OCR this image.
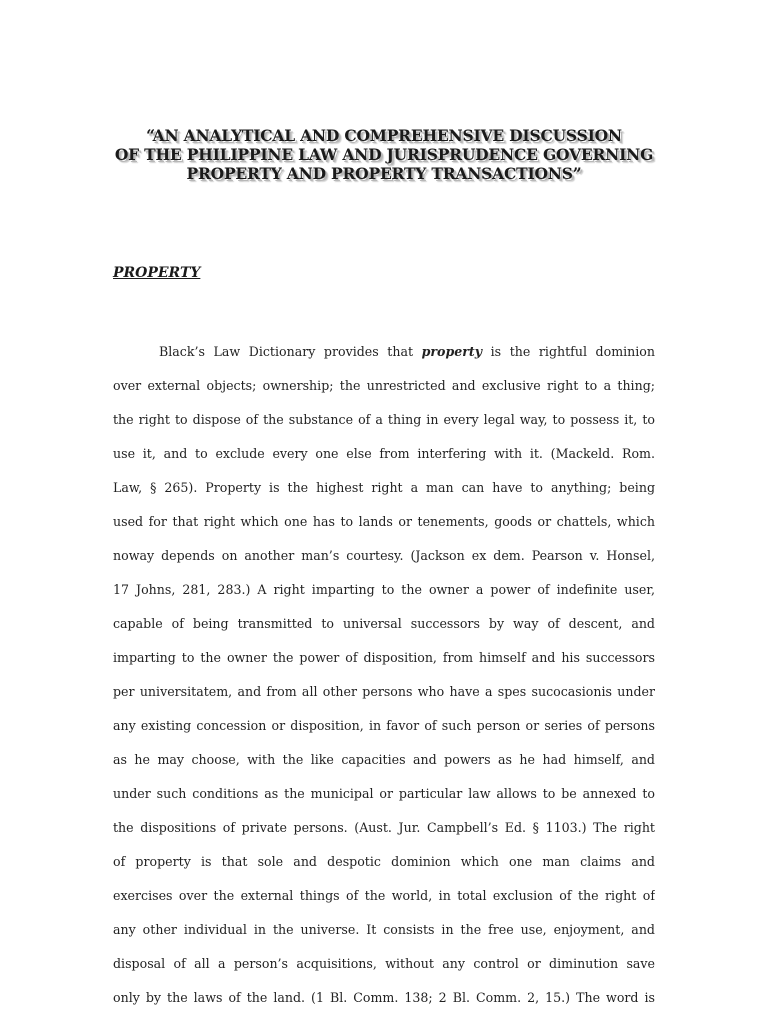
“AN ANALYTICAL AND COMPREHENSIVE DISCUSSION
OF THE PHILIPPINE LAW AND JURISPRUDENCE GOVERNING
PROPERTY AND PROPERTY TRANSACTIONS”
PROPERTY
Black’s Law Dictionary provides that property is the rightful dominion
over external objects; ownership; the unrestricted and exclusive right to a thing;
the right to dispose of the substance of a thing in every legal way, to possess it, to
use it, and to exclude every one else from interfering with it. (Mackeld. Rom.
Law, § 265). Property is the highest right a man can have to anything; being
used for that right which one has to lands or tenements, goods or chattels, which
noway depends on another man’s courtesy. (Jackson ex dem. Pearson v. Honsel,
17 Johns, 281, 283.) A right imparting to the owner a power of indefinite user,
capable of being transmitted to universal successors by way of descent, and
imparting to the owner the power of disposition, from himself and his successors
per universitatem, and from all other persons who have a spes sucocasionis under
any existing concession or disposition, in favor of such person or series of persons
as he may choose, with the like capacities and powers as he had himself, and
under such conditions as the municipal or particular law allows to be annexed to
the dispositions of private persons. (Aust. Jur. Campbell’s Ed. § 1103.) The right
of property is that sole and despotic dominion which one man claims and
exercises over the external things of the world, in total exclusion of the right of
any other individual in the universe. It consists in the free use, enjoyment, and
disposal of all a person’s acquisitions, without any control or diminution save
only by the laws of the land. (1 Bl. Comm. 138; 2 Bl. Comm. 2, 15.) The word is
